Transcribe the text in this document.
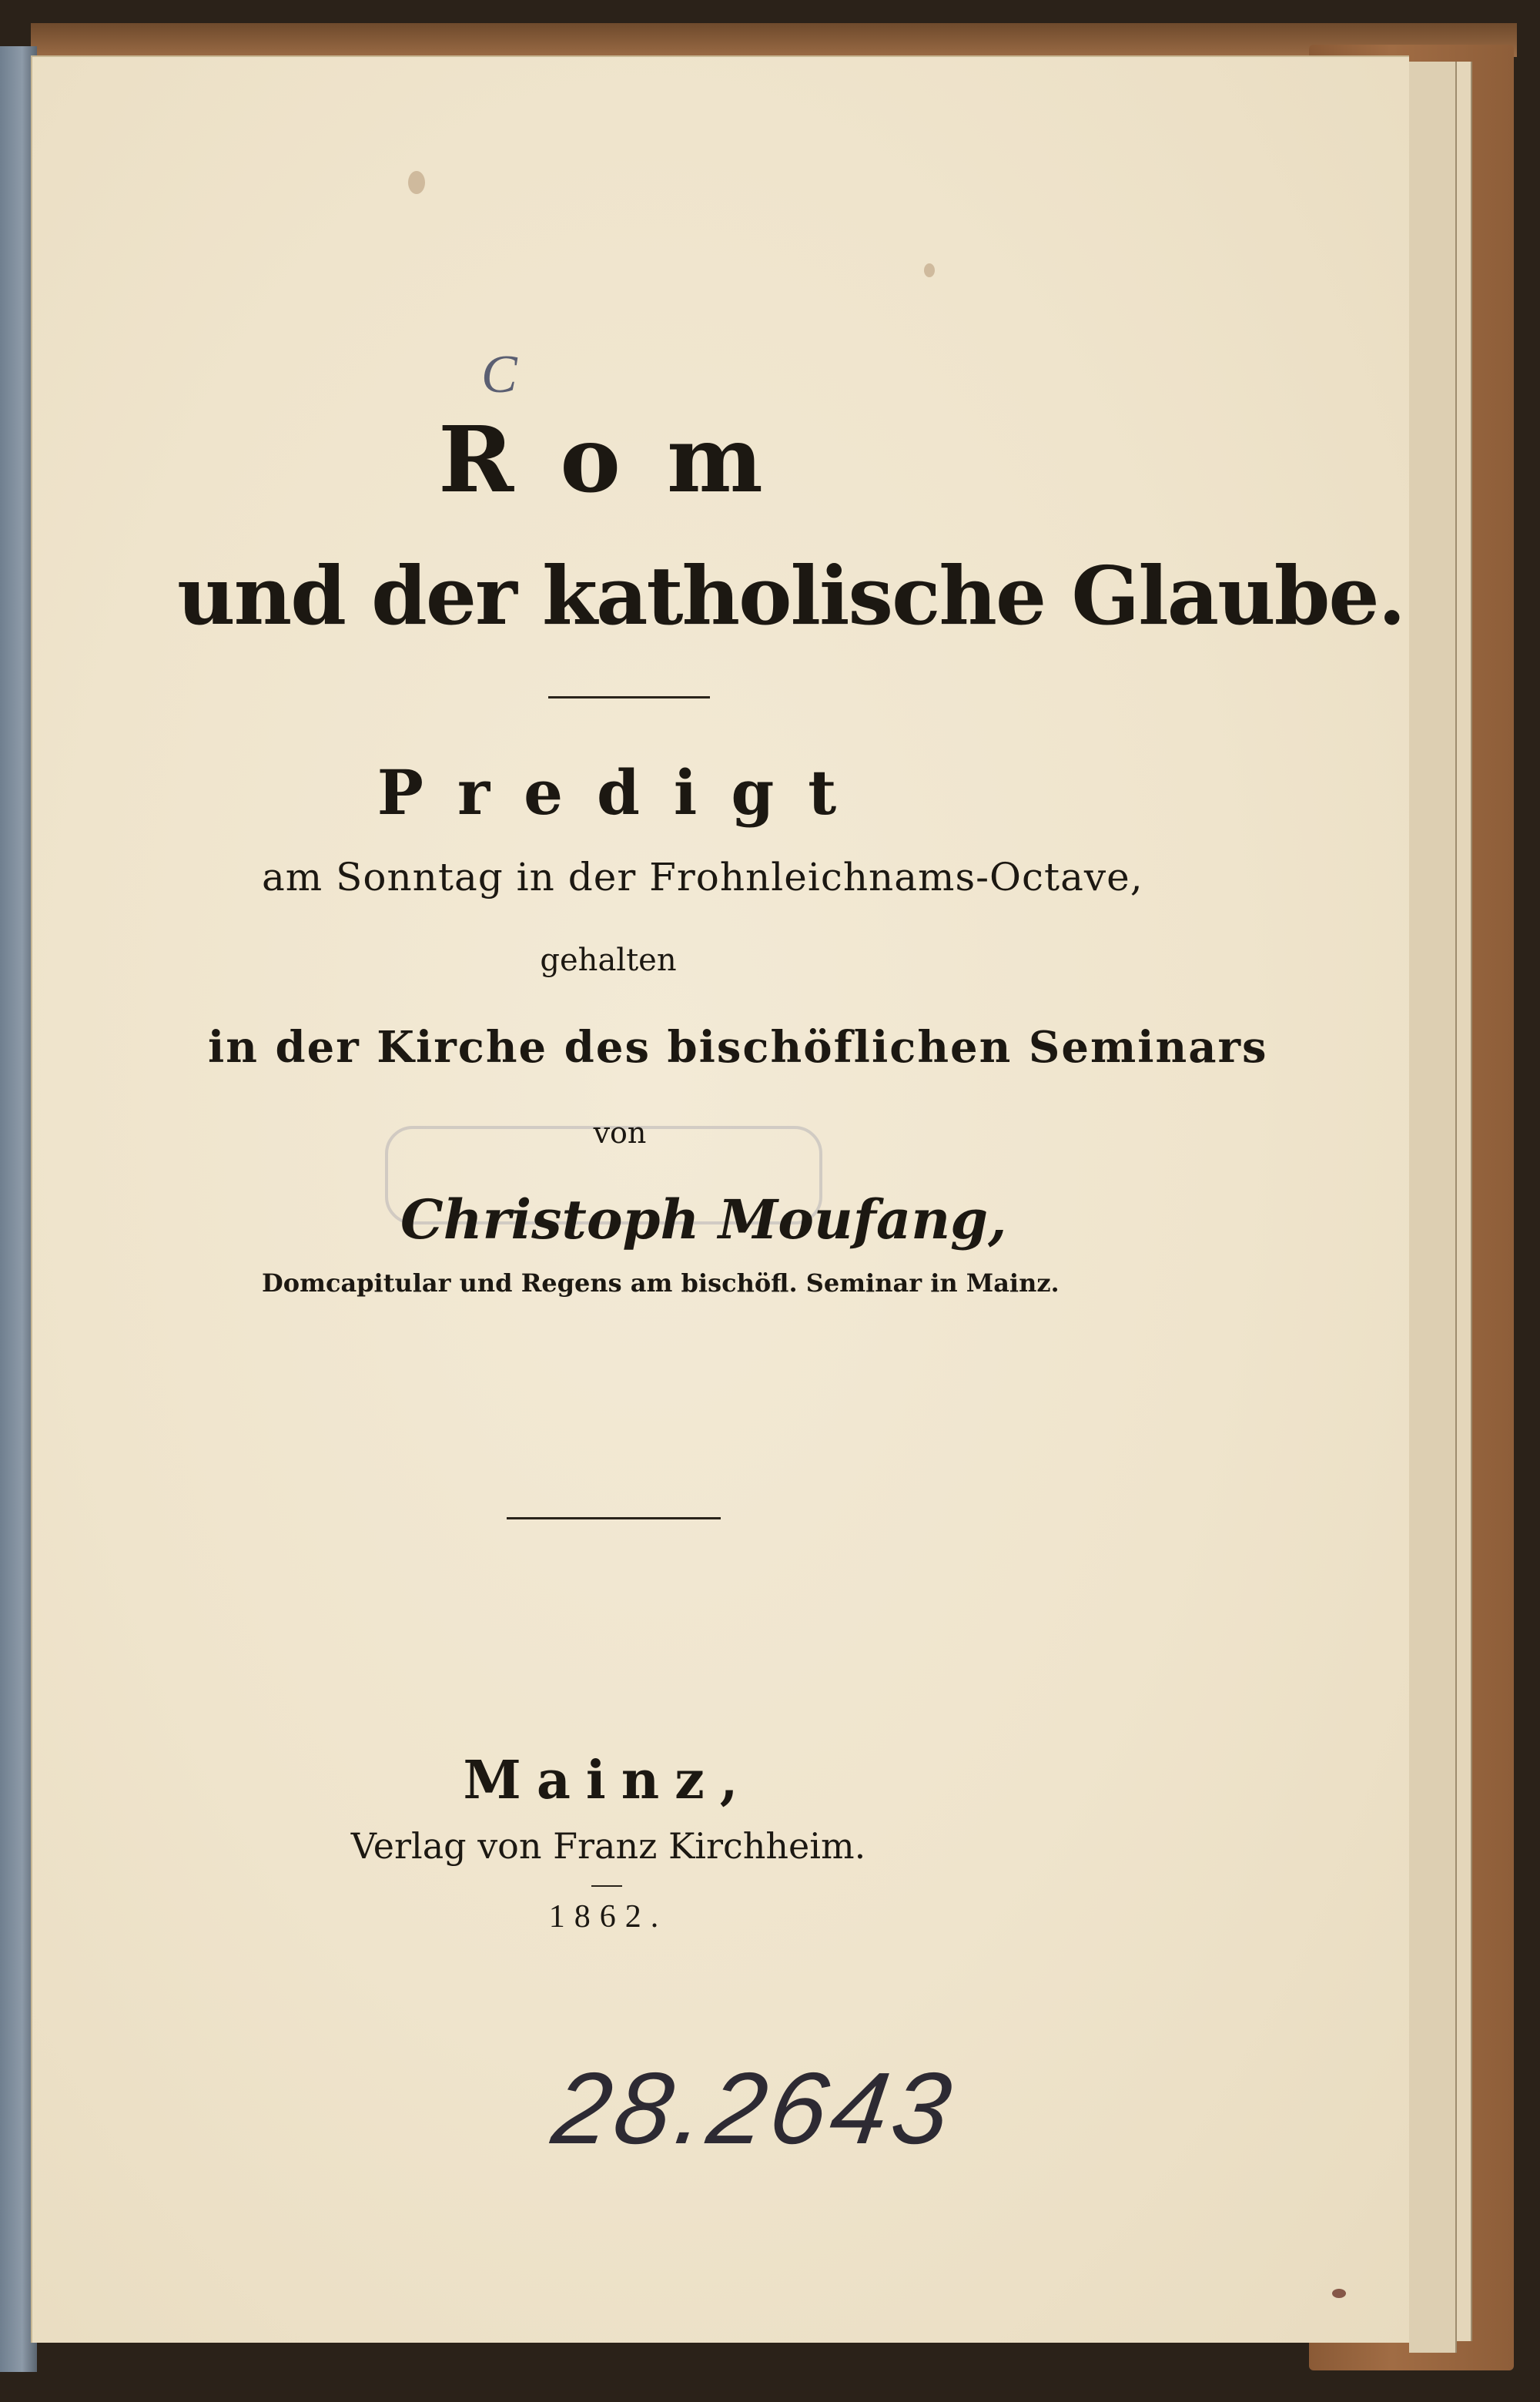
C
Rom
und der katholische Glaube.
Predigt
am Sonntag in der Frohnleichnams-Octave,
gehalten
in der Kirche des bischöflichen Seminars
von
Christoph Moufang,
Domcapitular und Regens am bischöfl. Seminar in Mainz.
Mainz,
Verlag von Franz Kirchheim.
1862.
28.2643
